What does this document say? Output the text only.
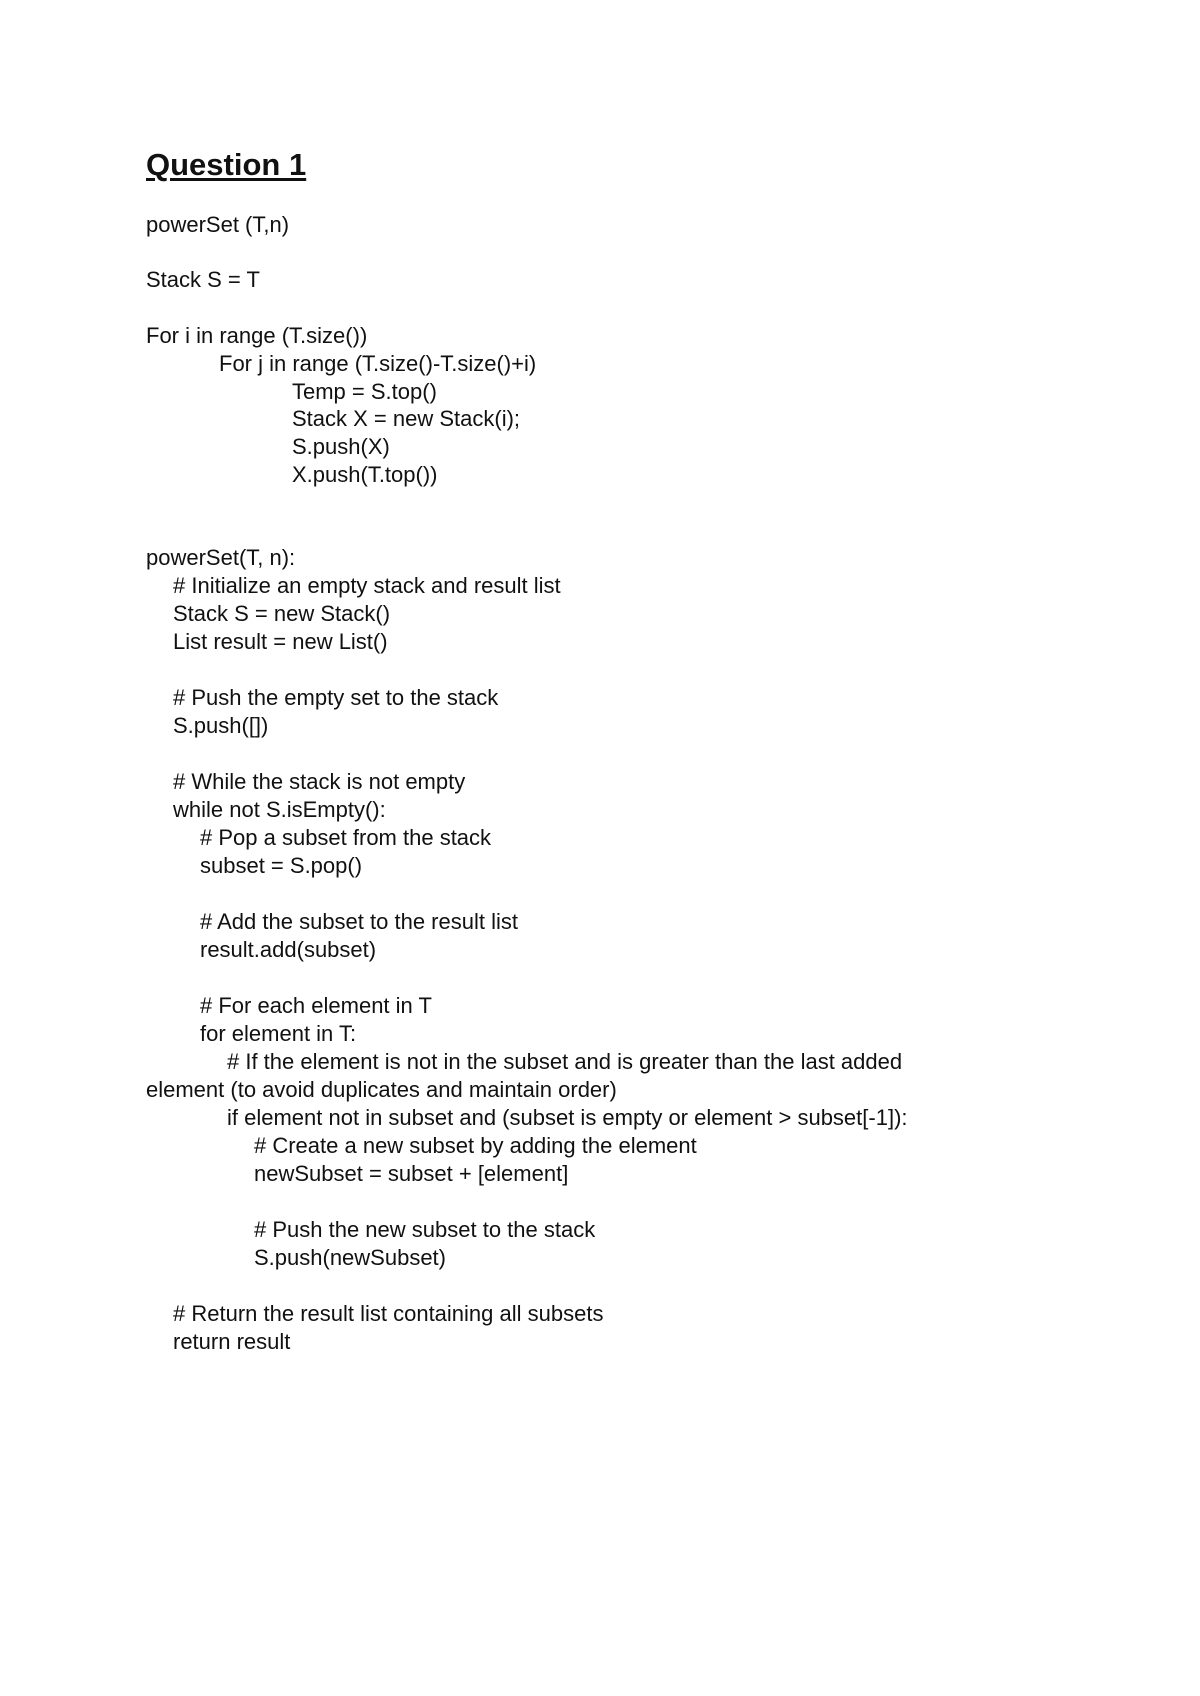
Question 1
powerSet (T,n)
Stack S = T
For i in range (T.size())
For j in range (T.size()-T.size()+i)
Temp = S.top()
Stack X = new Stack(i);
S.push(X)
X.push(T.top())
powerSet(T, n):
# Initialize an empty stack and result list
Stack S = new Stack()
List result = new List()
# Push the empty set to the stack
S.push([])
# While the stack is not empty
while not S.isEmpty():
# Pop a subset from the stack
subset = S.pop()
# Add the subset to the result list
result.add(subset)
# For each element in T
for element in T:
# If the element is not in the subset and is greater than the last added
element (to avoid duplicates and maintain order)
if element not in subset and (subset is empty or element > subset[-1]):
# Create a new subset by adding the element
newSubset = subset + [element]
# Push the new subset to the stack
S.push(newSubset)
# Return the result list containing all subsets
return result
